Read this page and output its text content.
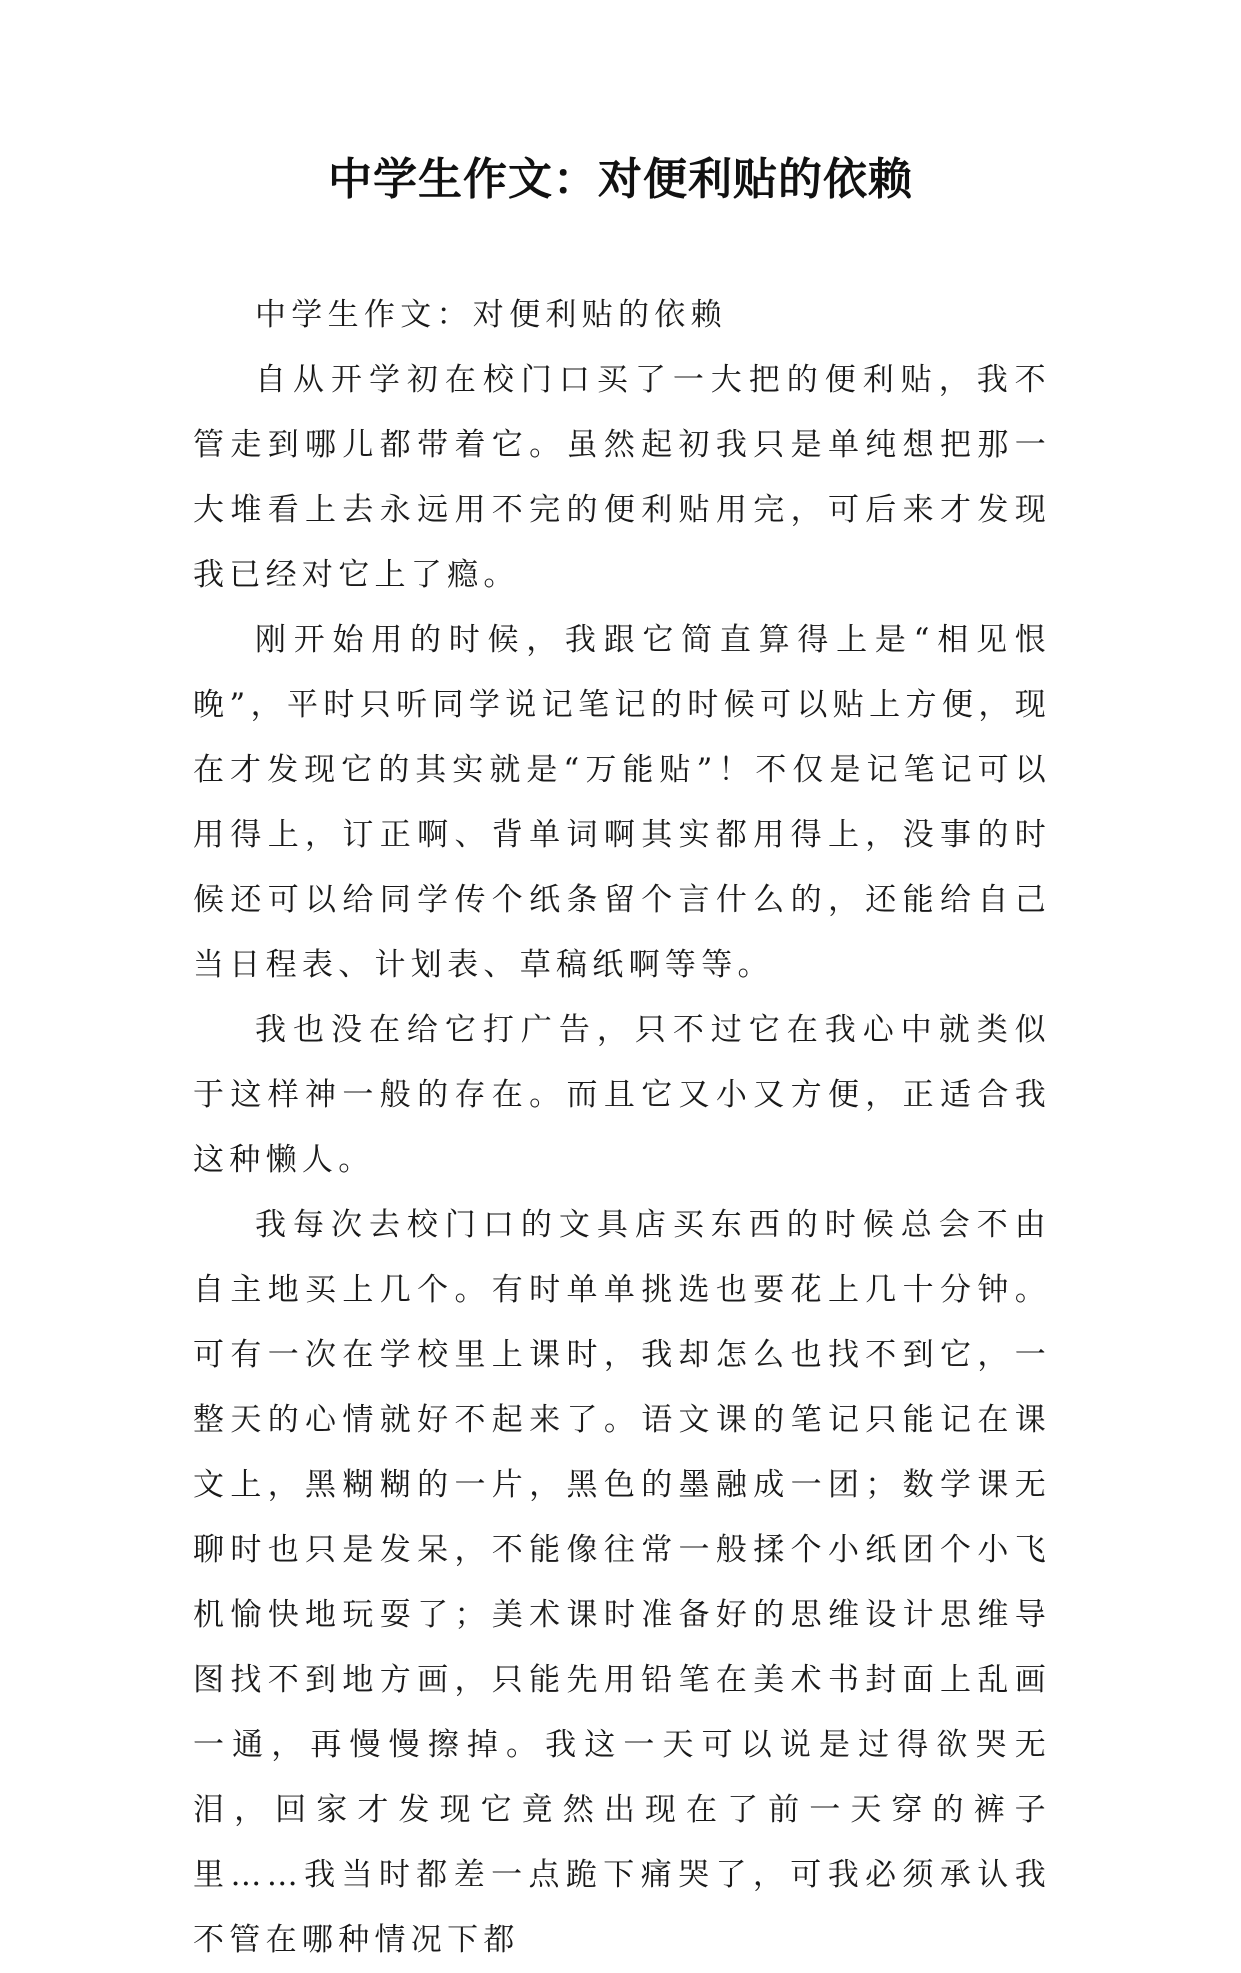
中学生作文：对便利贴的依赖

中学生作文：对便利贴的依赖

自从开学初在校门口买了一大把的便利贴，我不管走到哪儿都带着它。虽然起初我只是单纯想把那一大堆看上去永远用不完的便利贴用完，可后来才发现我已经对它上了瘾。

刚开始用的时候，我跟它简直算得上是“相见恨晚”，平时只听同学说记笔记的时候可以贴上方便，现在才发现它的其实就是“万能贴”！不仅是记笔记可以用得上，订正啊、背单词啊其实都用得上，没事的时候还可以给同学传个纸条留个言什么的，还能给自己当日程表、计划表、草稿纸啊等等。

我也没在给它打广告，只不过它在我心中就类似于这样神一般的存在。而且它又小又方便，正适合我这种懒人。

我每次去校门口的文具店买东西的时候总会不由自主地买上几个。有时单单挑选也要花上几十分钟。可有一次在学校里上课时，我却怎么也找不到它，一整天的心情就好不起来了。语文课的笔记只能记在课文上，黑糊糊的一片，黑色的墨融成一团；数学课无聊时也只是发呆，不能像往常一般揉个小纸团个小飞机愉快地玩耍了；美术课时准备好的思维设计思维导图找不到地方画，只能先用铅笔在美术书封面上乱画一通，再慢慢擦掉。我这一天可以说是过得欲哭无泪，回家才发现它竟然出现在了前一天穿的裤子里……我当时都差一点跪下痛哭了，可我必须承认我不管在哪种情况下都
